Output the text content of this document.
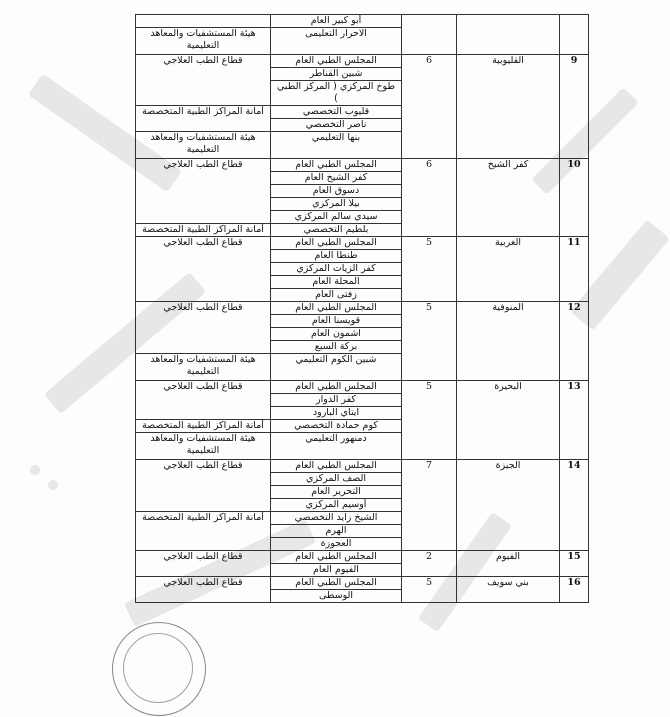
			أبو كبير العام	
			الاحرار التعليمى	هيئة المستشفيات والمعاهد التعليمية
9	القليوبية	6	المجلس الطبي العام	قطاع الطب العلاجي
			شبين القناطر	
			طوخ المركزي ( المركز الطبي )	
			قليوب التخصصي	أمانة المراكز الطبية المتخصصة
			ناصر التخصصي	
			بنها التعليمي	هيئة المستشفيات والمعاهد التعليمية
10	كفر الشيخ	6	المجلس الطبي العام	قطاع الطب العلاجي
			كفر الشيخ العام	
			دسوق العام	
			بيلا المركزي	
			سيدي سالم المركزي	
			بلطيم التخصصي	أمانة المراكز الطبية المتخصصة
11	الغربية	5	المجلس الطبي العام	قطاع الطب العلاجي
			طنطا العام	
			كفر الزيات المركزي	
			المحلة العام	
			زفتى العام	
12	المنوفية	5	المجلس الطبي العام	قطاع الطب العلاجي
			قويسنا العام	
			اشمون العام	
			بركة السبع	
			شبين الكوم التعليمي	هيئة المستشفيات والمعاهد التعليمية
13	البحيرة	5	المجلس الطبي العام	قطاع الطب العلاجي
			كفر الدوار	
			ايتاي البارود	
			كوم حمادة التخصصي	أمانة المراكز الطبية المتخصصة
			دمنهور التعليمي	هيئة المستشفيات والمعاهد التعليمية
14	الجيزة	7	المجلس الطبي العام	قطاع الطب العلاجي
			الصف المركزي	
			التحرير العام	
			أوسيم المركزي	
			الشيخ زايد التخصصي	أمانة المراكز الطبية المتخصصة
			الهرم	
			العجوزة	
15	الفيوم	2	المجلس الطبي العام	قطاع الطب العلاجي
			الفيوم العام	
16	بني سويف	5	المجلس الطبي العام	قطاع الطب العلاجي
			الوسطى	
